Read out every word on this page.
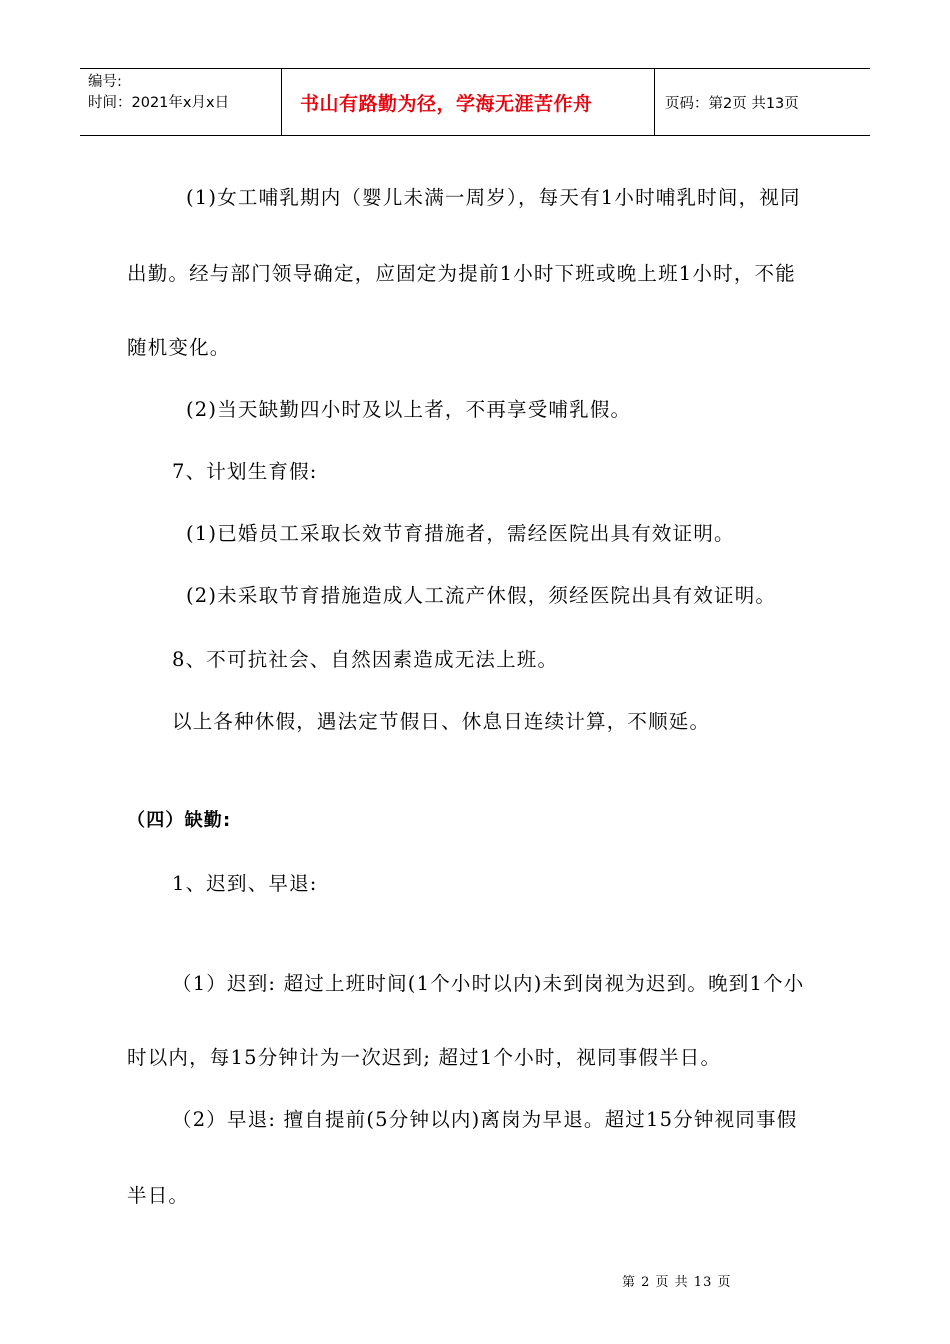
编号:
时间：2021年x月x日	书山有路勤为径，学海无涯苦作舟	页码：第2页 共13页
(1)女工哺乳期内（婴儿未满一周岁），每天有1小时哺乳时间，视同
出勤。经与部门领导确定，应固定为提前1小时下班或晚上班1小时，不能
随机变化。
(2)当天缺勤四小时及以上者，不再享受哺乳假。
7、计划生育假:
(1)已婚员工采取长效节育措施者，需经医院出具有效证明。
(2)未采取节育措施造成人工流产休假，须经医院出具有效证明。
8、不可抗社会、自然因素造成无法上班。
以上各种休假，遇法定节假日、休息日连续计算，不顺延。
（四）缺勤:
1、迟到、早退:
（1）迟到: 超过上班时间(1个小时以内)未到岗视为迟到。晚到1个小
时以内，每15分钟计为一次迟到; 超过1个小时，视同事假半日。
（2）早退: 擅自提前(5分钟以内)离岗为早退。超过15分钟视同事假
半日。
第 2 页 共 13 页
